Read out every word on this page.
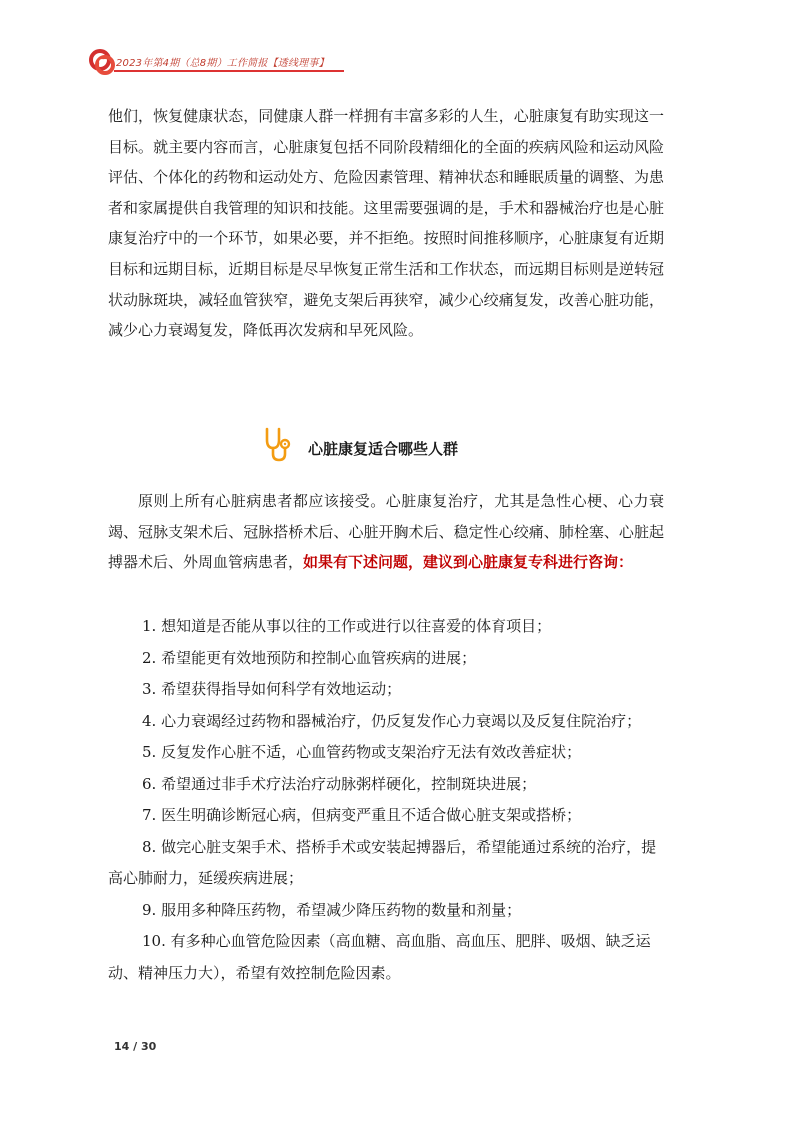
2023年第4期（总8期）工作简报【透线理事】

他们，恢复健康状态，同健康人群一样拥有丰富多彩的人生，心脏康复有助实现这一目标。就主要内容而言，心脏康复包括不同阶段精细化的全面的疾病风险和运动风险评估、个体化的药物和运动处方、危险因素管理、精神状态和睡眠质量的调整、为患者和家属提供自我管理的知识和技能。这里需要强调的是，手术和器械治疗也是心脏康复治疗中的一个环节，如果必要，并不拒绝。按照时间推移顺序，心脏康复有近期目标和远期目标，近期目标是尽早恢复正常生活和工作状态，而远期目标则是逆转冠状动脉斑块，减轻血管狭窄，避免支架后再狭窄，减少心绞痛复发，改善心脏功能，减少心力衰竭复发，降低再次发病和早死风险。

心脏康复适合哪些人群

原则上所有心脏病患者都应该接受。心脏康复治疗，尤其是急性心梗、心力衰竭、冠脉支架术后、冠脉搭桥术后、心脏开胸术后、稳定性心绞痛、肺栓塞、心脏起搏器术后、外周血管病患者，如果有下述问题，建议到心脏康复专科进行咨询：

1. 想知道是否能从事以往的工作或进行以往喜爱的体育项目；
2. 希望能更有效地预防和控制心血管疾病的进展；
3. 希望获得指导如何科学有效地运动；
4. 心力衰竭经过药物和器械治疗，仍反复发作心力衰竭以及反复住院治疗；
5. 反复发作心脏不适，心血管药物或支架治疗无法有效改善症状；
6. 希望通过非手术疗法治疗动脉粥样硬化，控制斑块进展；
7. 医生明确诊断冠心病，但病变严重且不适合做心脏支架或搭桥；
8. 做完心脏支架手术、搭桥手术或安装起搏器后，希望能通过系统的治疗，提高心肺耐力，延缓疾病进展；
9. 服用多种降压药物，希望减少降压药物的数量和剂量；
10. 有多种心血管危险因素（高血糖、高血脂、高血压、肥胖、吸烟、缺乏运动、精神压力大），希望有效控制危险因素。
14 / 30
